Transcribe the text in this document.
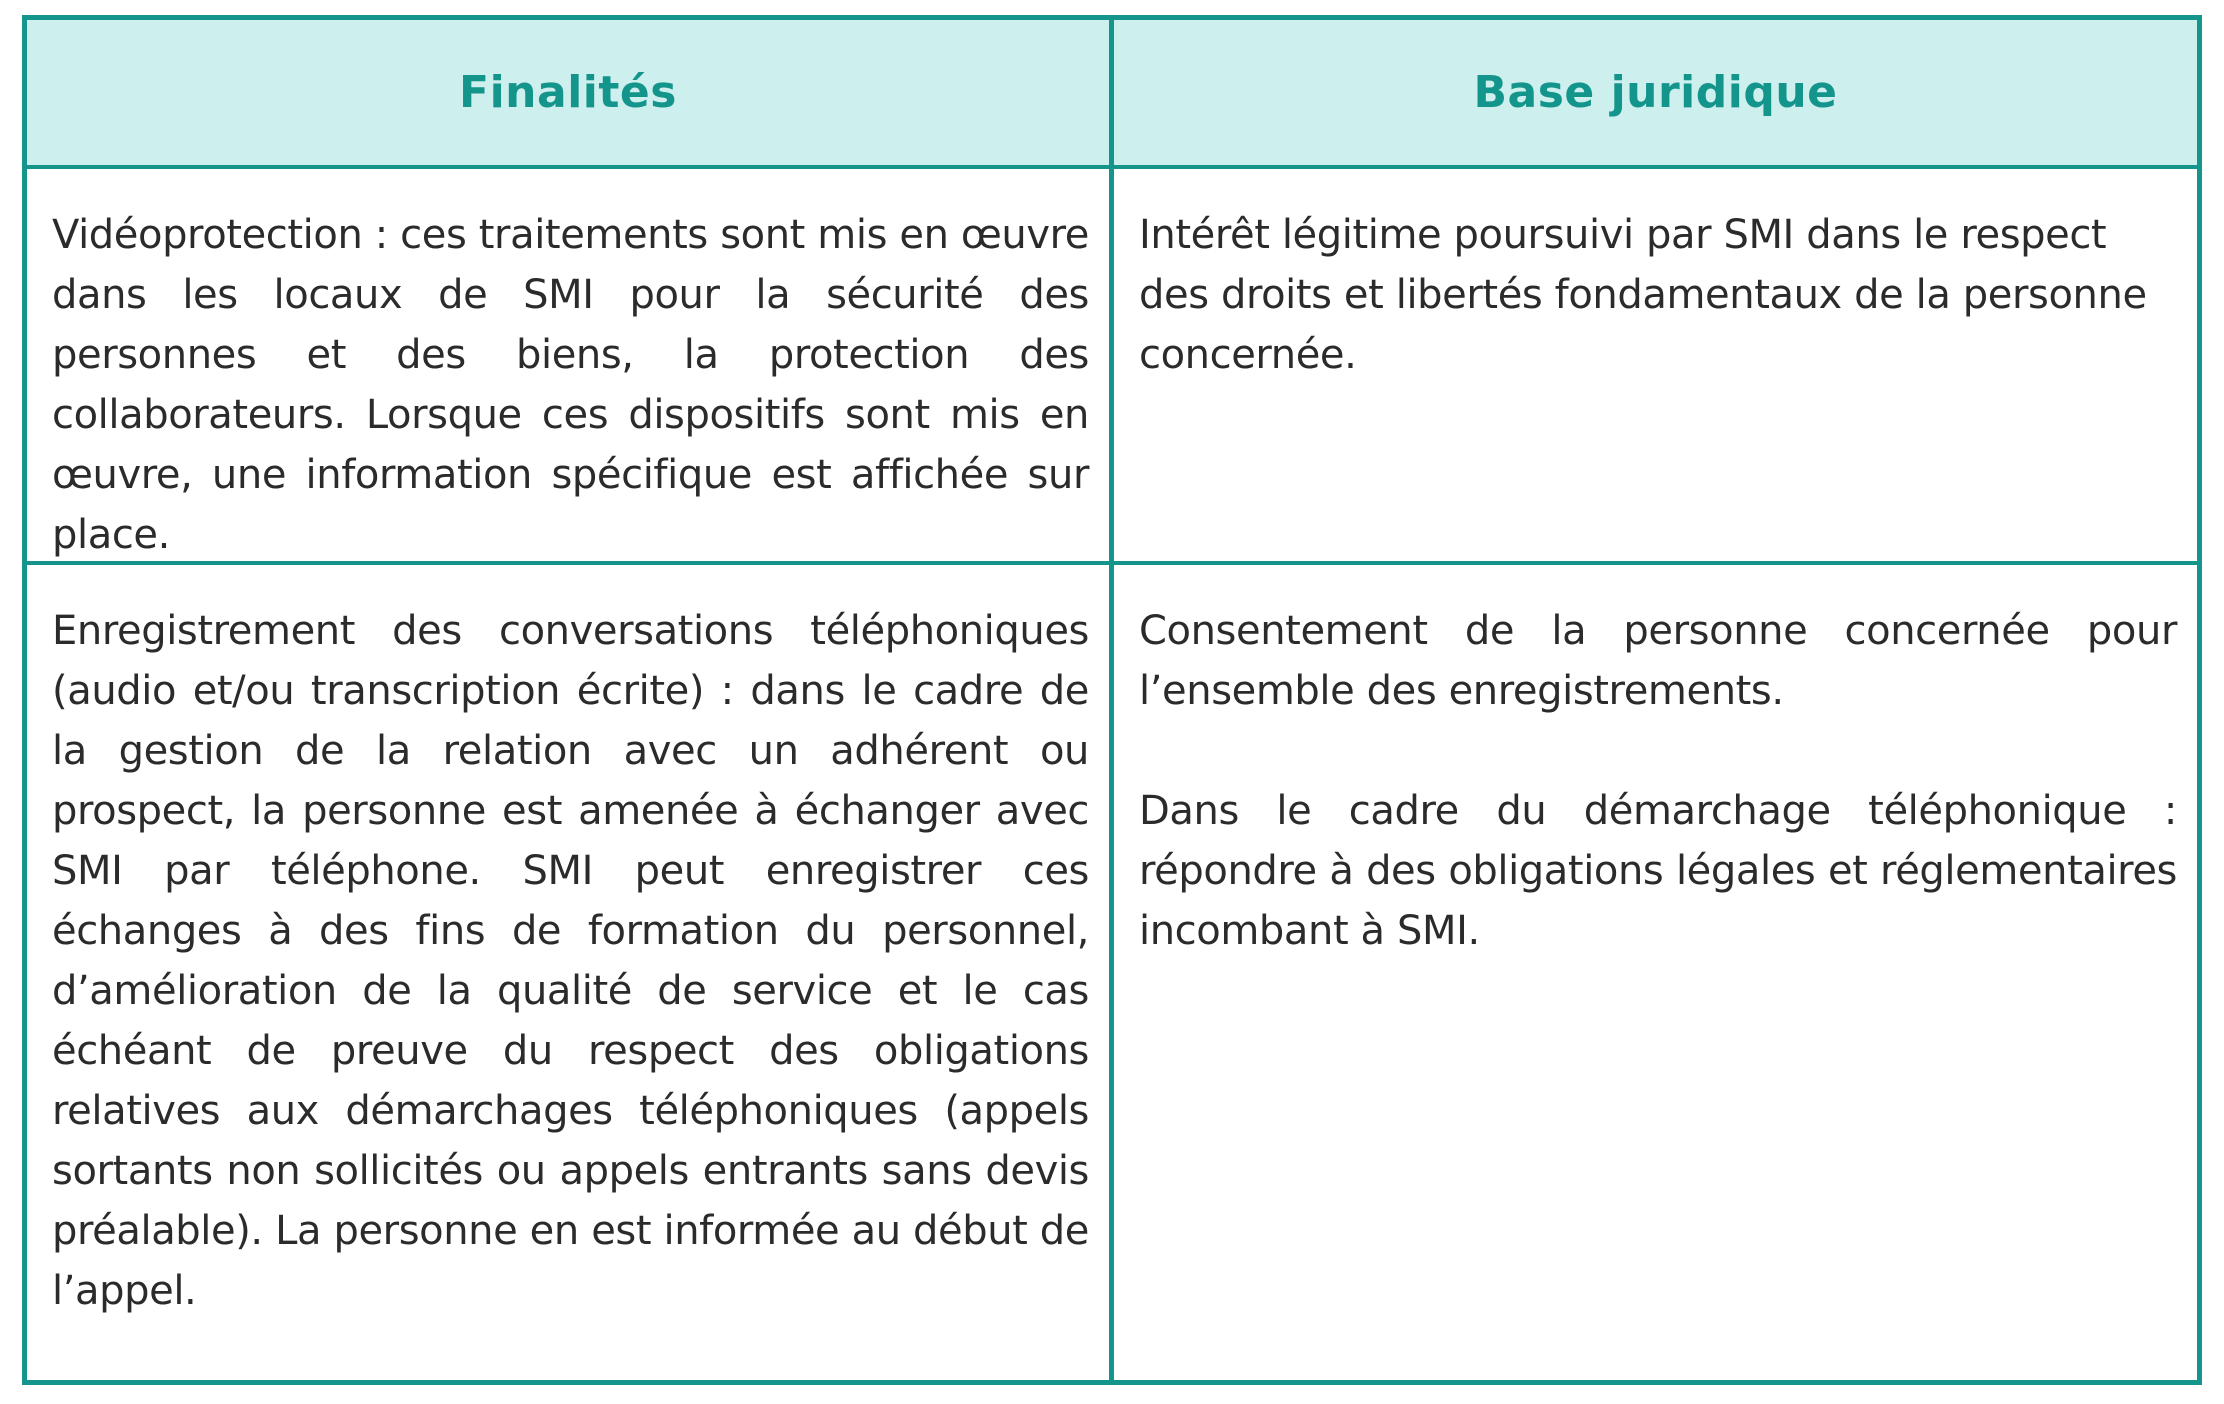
Finalités	Base juridique

Vidéoprotection : ces traitements sont mis en œuvre dans les locaux de SMI pour la sécurité des personnes et des biens, la protection des collaborateurs. Lorsque ces dispositifs sont mis en œuvre, une information spécifique est affichée sur place.

Intérêt légitime poursuivi par SMI dans le respect des droits et libertés fondamentaux de la personne concernée.

Enregistrement des conversations téléphoniques (audio et/ou transcription écrite) : dans le cadre de la gestion de la relation avec un adhérent ou prospect, la personne est amenée à échanger avec SMI par téléphone. SMI peut enregistrer ces échanges à des fins de formation du personnel, d’amélioration de la qualité de service et le cas échéant de preuve du respect des obligations relatives aux démarchages téléphoniques (appels sortants non sollicités ou appels entrants sans devis préalable). La personne en est informée au début de l’appel.

Consentement de la personne concernée pour l’ensemble des enregistrements.

Dans le cadre du démarchage téléphonique : répondre à des obligations légales et réglementaires incombant à SMI.
